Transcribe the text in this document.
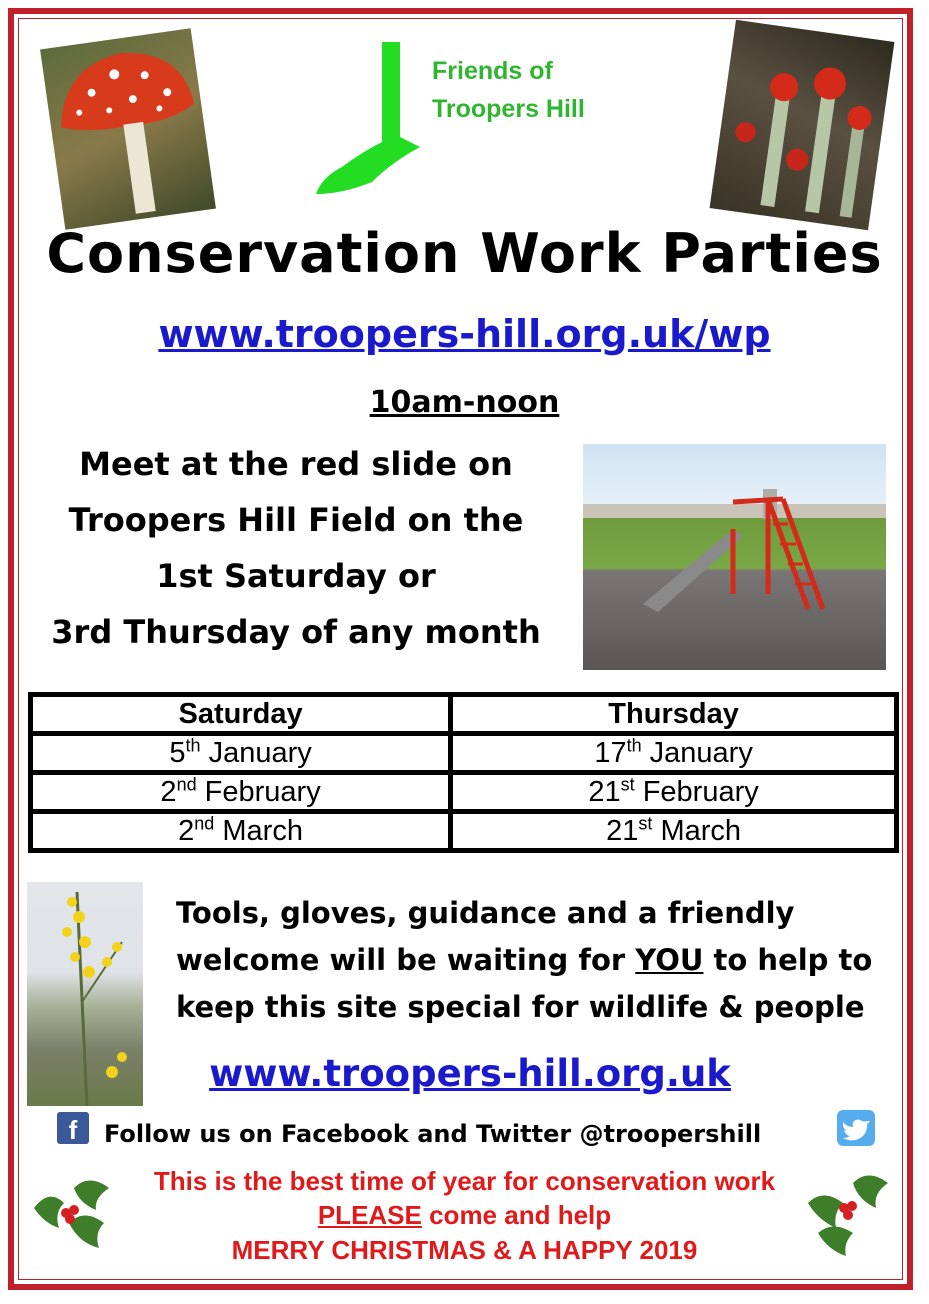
Friends of
Troopers Hill
Conservation Work Parties
www.troopers-hill.org.uk/wp
10am-noon
Meet at the red slide on
Troopers Hill Field on the
1st Saturday or
3rd Thursday of any month
Saturday	Thursday
5th January	17th January
2nd February	21st February
2nd March	21st March
Tools, gloves, guidance and a friendly
welcome will be waiting for YOU to help to
keep this site special for wildlife & people
www.troopers-hill.org.uk
f	Follow us on Facebook and Twitter @troopershill
This is the best time of year for conservation work
PLEASE come and help
MERRY CHRISTMAS & A HAPPY 2019
